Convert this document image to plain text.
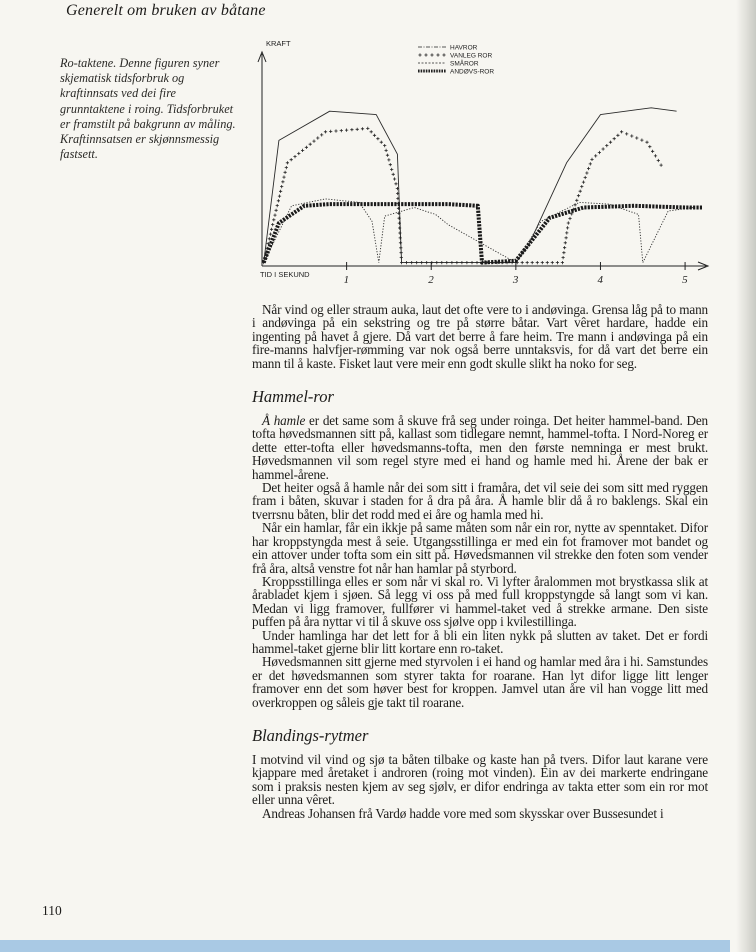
Generelt om bruken av båtane

Ro-taktene. Denne figuren syner skjematisk tidsforbruk og kraftinnsats ved dei fire grunntaktene i roing. Tidsforbruket er framstilt på bakgrunn av måling. Kraftinnsatsen er skjønnsmessig fastsett.

KRAFT
TID I SEKUND	1	2	3	4	5
HAVROR
VANLEG ROR
SMÅROR
ANDØVS-ROR

Når vind og eller straum auka, laut det ofte vere to i andøvinga. Grensa låg på to mann i andøvinga på ein sekstring og tre på større båtar. Vart vêret hardare, hadde ein ingenting på havet å gjere. Då vart det berre å fare heim. Tre mann i andøvinga på ein fire-manns halvfjer-rømming var nok også berre unntaksvis, for då vart det berre ein mann til å kaste. Fisket laut vere meir enn godt skulle slikt ha noko for seg.

Hammel-ror

Å hamle er det same som å skuve frå seg under roinga. Det heiter hammel-band. Den tofta høvedsmannen sitt på, kallast som tidlegare nemnt, hammel-tofta. I Nord-Noreg er dette etter-tofta eller høvedsmanns-tofta, men den første nemninga er mest brukt. Høvedsmannen vil som regel styre med ei hand og hamle med hi. Årene der bak er hammel-årene.

Det heiter også å hamle når dei som sitt i framåra, det vil seie dei som sitt med ryggen fram i båten, skuvar i staden for å dra på åra. Å hamle blir då å ro baklengs. Skal ein tverrsnu båten, blir det rodd med ei åre og hamla med hi.

Når ein hamlar, får ein ikkje på same måten som når ein ror, nytte av spenntaket. Difor har kroppstyngda mest å seie. Utgangsstillinga er med ein fot framover mot bandet og ein attover under tofta som ein sitt på. Høvedsmannen vil strekke den foten som vender frå åra, altså venstre fot når han hamlar på styrbord.

Kroppsstillinga elles er som når vi skal ro. Vi lyfter åralommen mot brystkassa slik at årabladet kjem i sjøen. Så legg vi oss på med full kroppstyngde så langt som vi kan. Medan vi ligg framover, fullfører vi hammel-taket ved å strekke armane. Den siste puffen på åra nyttar vi til å skuve oss sjølve opp i kvilestillinga.

Under hamlinga har det lett for å bli ein liten nykk på slutten av taket. Det er fordi hammel-taket gjerne blir litt kortare enn ro-taket.

Høvedsmannen sitt gjerne med styrvolen i ei hand og hamlar med åra i hi. Samstundes er det høvedsmannen som styrer takta for roarane. Han lyt difor ligge litt lenger framover enn det som høver best for kroppen. Jamvel utan åre vil han vogge litt med overkroppen og såleis gje takt til roarane.

Blandings-rytmer

I motvind vil vind og sjø ta båten tilbake og kaste han på tvers. Difor laut karane vere kjappare med åretaket i androren (roing mot vinden). Ein av dei markerte endringane som i praksis nesten kjem av seg sjølv, er difor endringa av takta etter som ein ror mot eller unna vêret.

Andreas Johansen frå Vardø hadde vore med som skysskar over Bussesundet i

110
